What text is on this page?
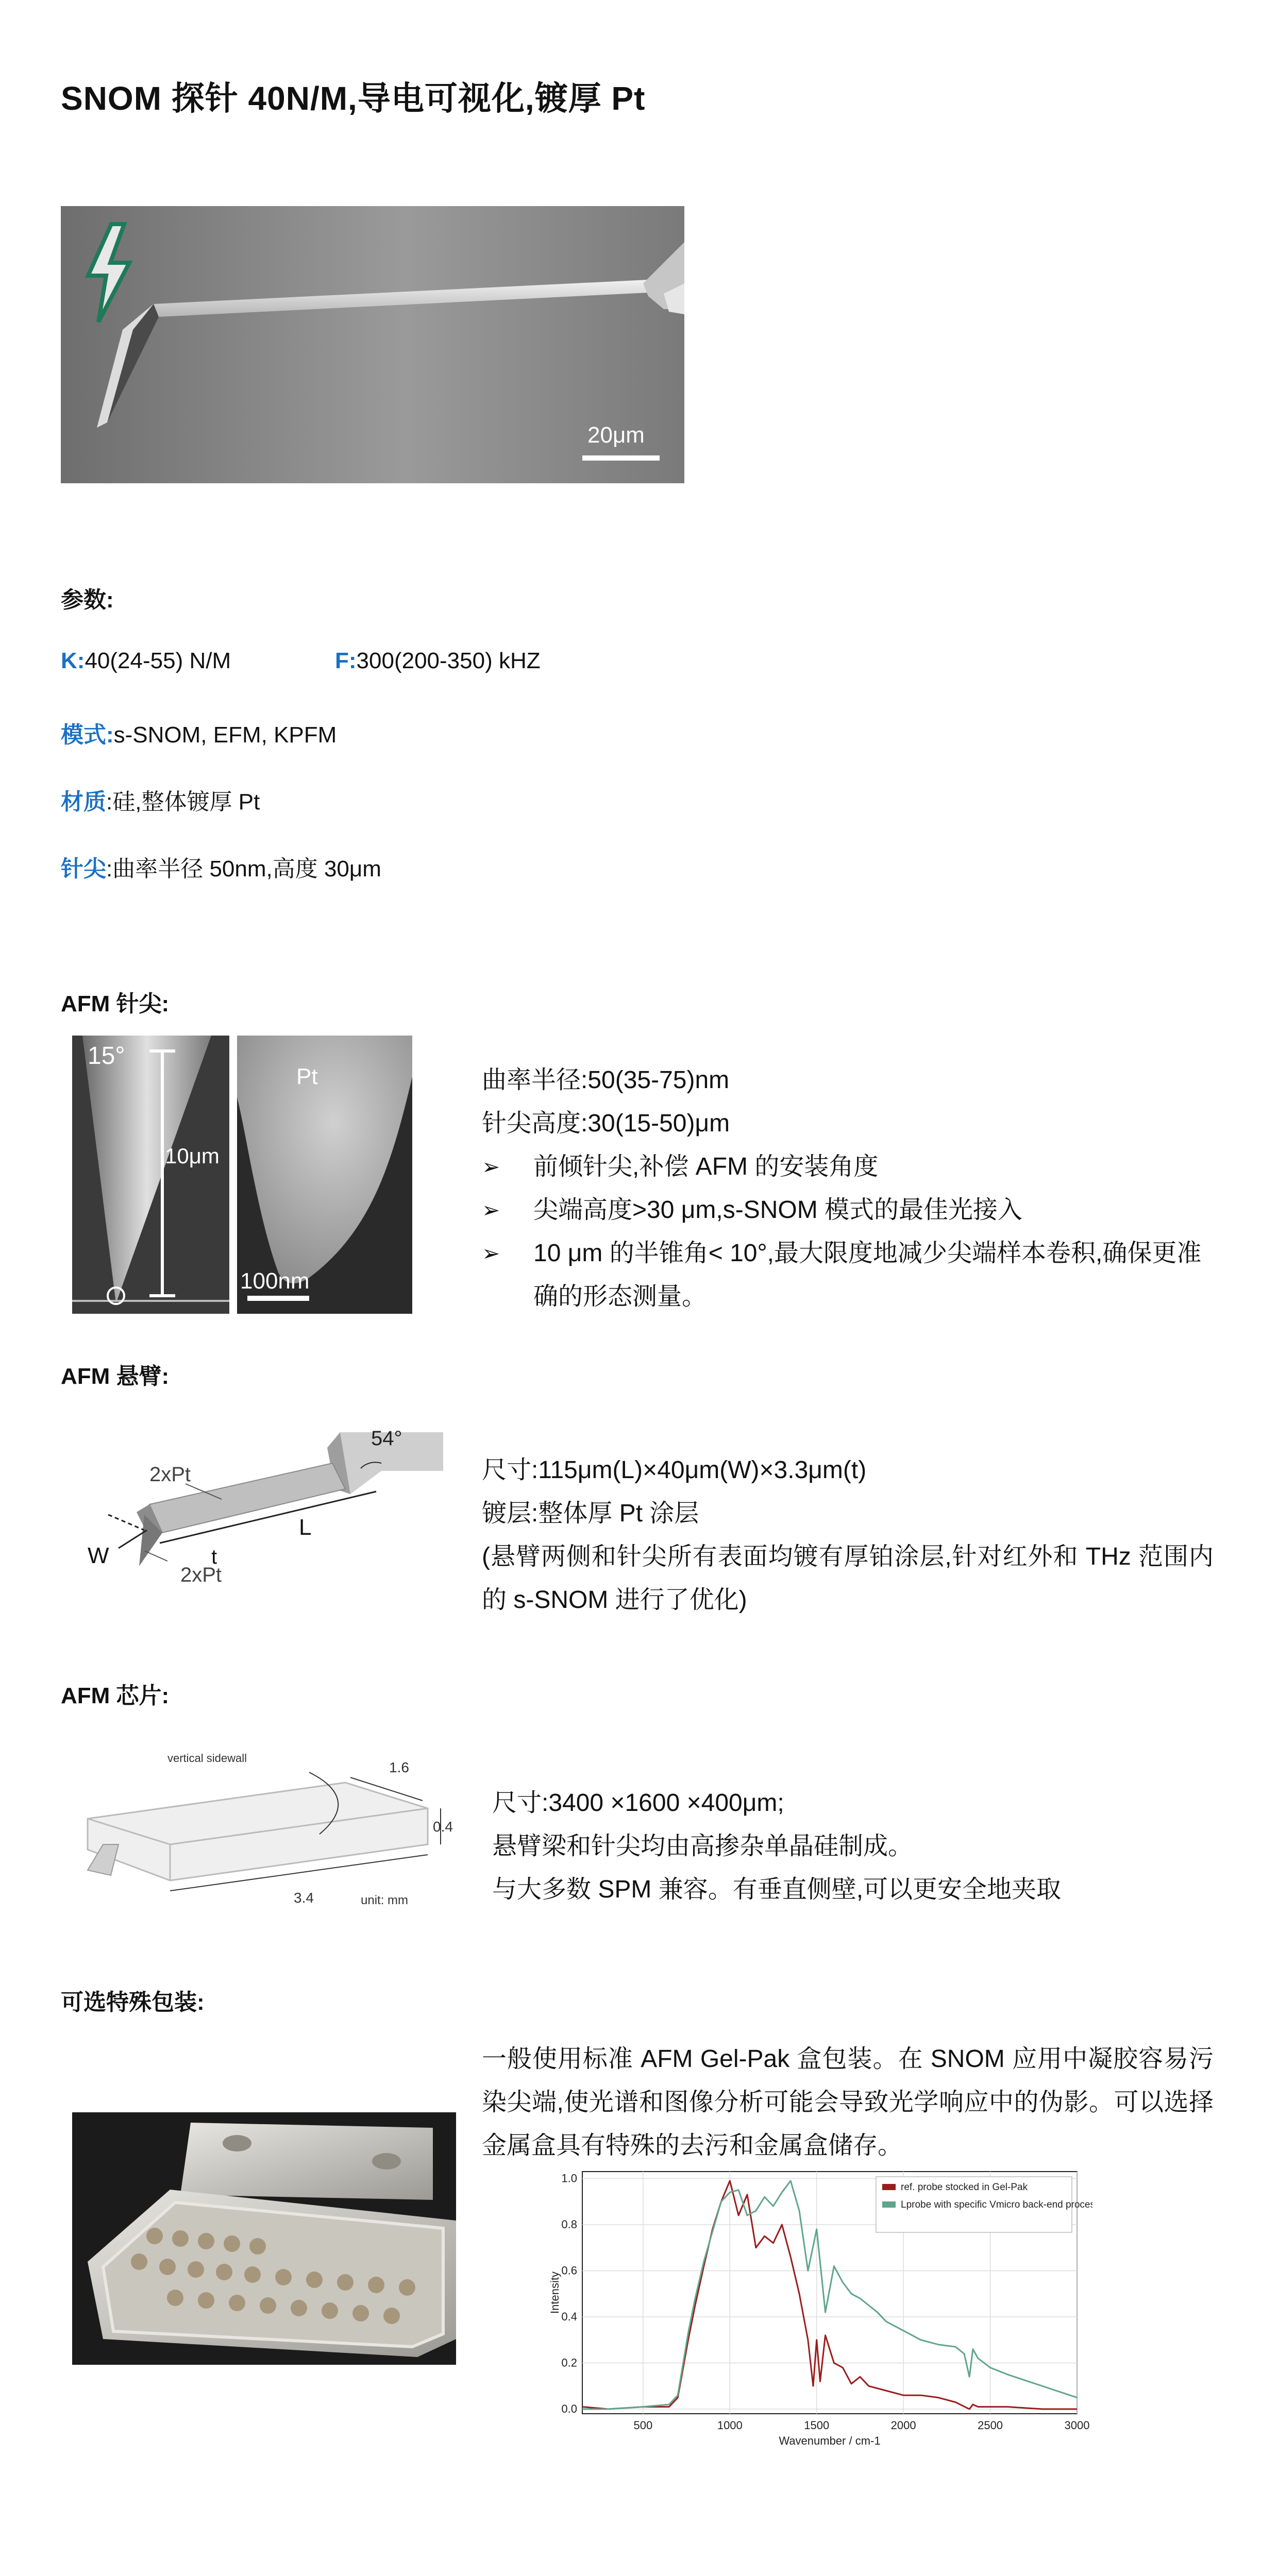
SNOM 探针 40N/M,导电可视化,镀厚 Pt
20μm
参数:
K:40(24-55) N/M	F:300(200-350) kHZ
模式:s-SNOM, EFM, KPFM
材质:硅,整体镀厚 Pt
针尖:曲率半径 50nm,高度 30μm
AFM 针尖:
15°
10μm
Pt
100nm
曲率半径:50(35-75)nm
针尖高度:30(15-50)μm
➢ 前倾针尖,补偿 AFM 的安装角度
➢ 尖端高度>30 μm,s-SNOM 模式的最佳光接入
➢ 10 μm 的半锥角< 10°,最大限度地减少尖端样本卷积,确保更准确的形态测量。
AFM 悬臂:
2xPt
54°
L
W	t
2xPt
尺寸:115μm(L)×40μm(W)×3.3μm(t)
镀层:整体厚 Pt 涂层
(悬臂两侧和针尖所有表面均镀有厚铂涂层,针对红外和 THz 范围内的 s-SNOM 进行了优化)
AFM 芯片:
vertical sidewall
1.6
0.4
3.4	unit: mm
尺寸:3400 ×1600 ×400μm;
悬臂梁和针尖均由高掺杂单晶硅制成。
与大多数 SPM 兼容。有垂直侧壁,可以更安全地夹取
可选特殊包装:
一般使用标准 AFM Gel-Pak 盒包装。在 SNOM 应用中凝胶容易污染尖端,使光谱和图像分析可能会导致光学响应中的伪影。可以选择金属盒具有特殊的去污和金属盒储存。
500	1000	1500	2000	2500	3000
0.0
0.2
0.4
0.6
0.8
1.0
Wavenumber / cm-1
Intensity
ref. probe stocked in Gel-Pak
Lprobe with specific Vmicro back-end process
